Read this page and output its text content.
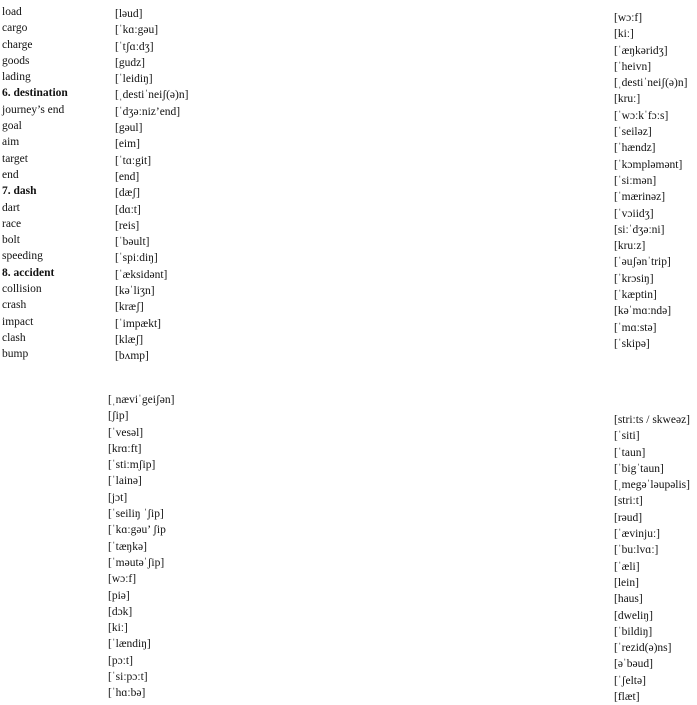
load
cargo
charge
goods
lading
6. destination
journey’s end
goal
aim
target
end
7. dash
dart
race
bolt
speeding
8. accident
collision
crash
impact
clash
bump
[ləud]
[ˈkɑːgəu]
[ˈtʃɑːdʒ]
[gudz]
[ˈleidiŋ]
[ˌdestiˈneiʃ(ə)n]
[ˈdʒəːniz’end]
[gəul]
[eim]
[ˈtɑːgit]
[end]
[dæʃ]
[dɑːt]
[reis]
[ˈbəult]
[ˈspiːdiŋ]
[ˈæksidənt]
[kəˈliʒn]
[kræʃ]
[ˈimpækt]
[klæʃ]
[bʌmp]
[ˌnæviˈgeiʃən]
[ʃip]
[ˈvesəl]
[krɑːft]
[ˈstiːmʃip]
[ˈlainə]
[jɔt]
[ˈseiliŋ ˈʃip]
[ˈkɑːgəu’ ʃip
[ˈtæŋkə]
[ˈməutəˈʃip]
[wɔːf]
[piə]
[dɔk]
[kiː]
[ˈlændiŋ]
[pɔːt]
[ˈsiːpɔːt]
[ˈhɑːbə]
[wɔːf]
[kiː]
[ˈæŋkəridʒ]
[ˈheivn]
[ˌdestiˈneiʃ(ə)n]
[kruː]
[ˈwɔːkˈfɔːs]
[ˈseiləz]
[ˈhændz]
[ˈkɔmpləmənt]
[ˈsiːmən]
[ˈmærinəz]
[ˈvɔiidʒ]
[siːˈdʒəːni]
[kruːz]
[ˈəuʃənˈtrip]
[ˈkrɔsiŋ]
[ˈkæptin]
[kəˈmɑːndə]
[ˈmɑːstə]
[ˈskipə]
[striːts / skweəz]
[ˈsiti]
[ˈtaun]
[ˈbigˈtaun]
[ˌmegəˈləupəlis]
[striːt]
[rəud]
[ˈævinjuː]
[ˈbuːlvɑː]
[ˈæli]
[lein]
[haus]
[dweliŋ]
[ˈbildiŋ]
[ˈrezid(ə)ns]
[əˈbəud]
[ˈʃeltə]
[flæt]
